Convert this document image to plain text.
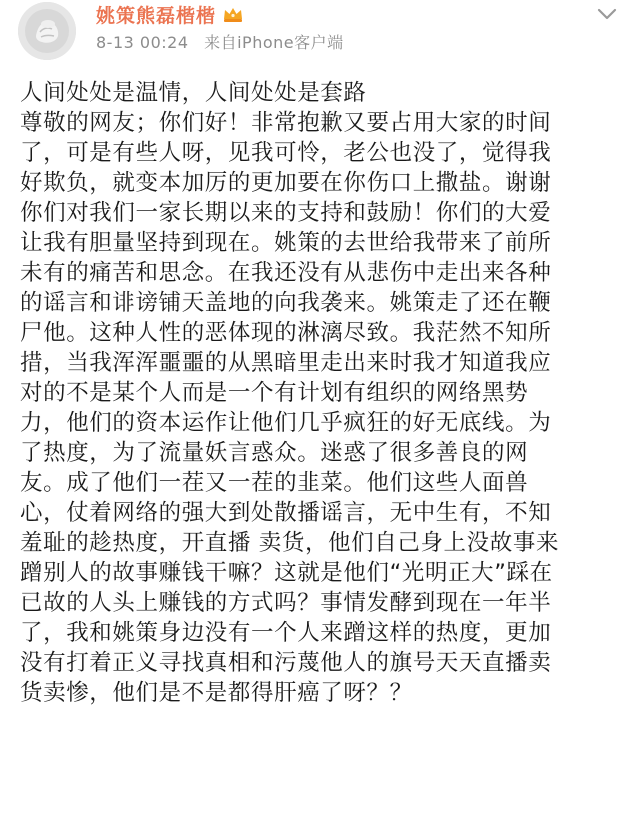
姚策熊磊楷楷
8-13 00:24 来自iPhone客户端
人间处处是温情，人间处处是套路
尊敬的网友；你们好！非常抱歉又要占用大家的时间
了，可是有些人呀，见我可怜，老公也没了，觉得我
好欺负，就变本加厉的更加要在你伤口上撒盐。谢谢
你们对我们一家长期以来的支持和鼓励！你们的大爱
让我有胆量坚持到现在。姚策的去世给我带来了前所
未有的痛苦和思念。在我还没有从悲伤中走出来各种
的谣言和诽谤铺天盖地的向我袭来。姚策走了还在鞭
尸他。这种人性的恶体现的淋漓尽致。我茫然不知所
措，当我浑浑噩噩的从黑暗里走出来时我才知道我应
对的不是某个人而是一个有计划有组织的网络黑势
力，他们的资本运作让他们几乎疯狂的好无底线。为
了热度，为了流量妖言惑众。迷惑了很多善良的网
友。成了他们一茬又一茬的韭菜。他们这些人面兽
心，仗着网络的强大到处散播谣言，无中生有，不知
羞耻的趁热度，开直播 卖货，他们自己身上没故事来
蹭别人的故事赚钱干嘛？这就是他们“光明正大”踩在
已故的人头上赚钱的方式吗？事情发酵到现在一年半
了，我和姚策身边没有一个人来蹭这样的热度，更加
没有打着正义寻找真相和污蔑他人的旗号天天直播卖
货卖惨，他们是不是都得肝癌了呀？？
